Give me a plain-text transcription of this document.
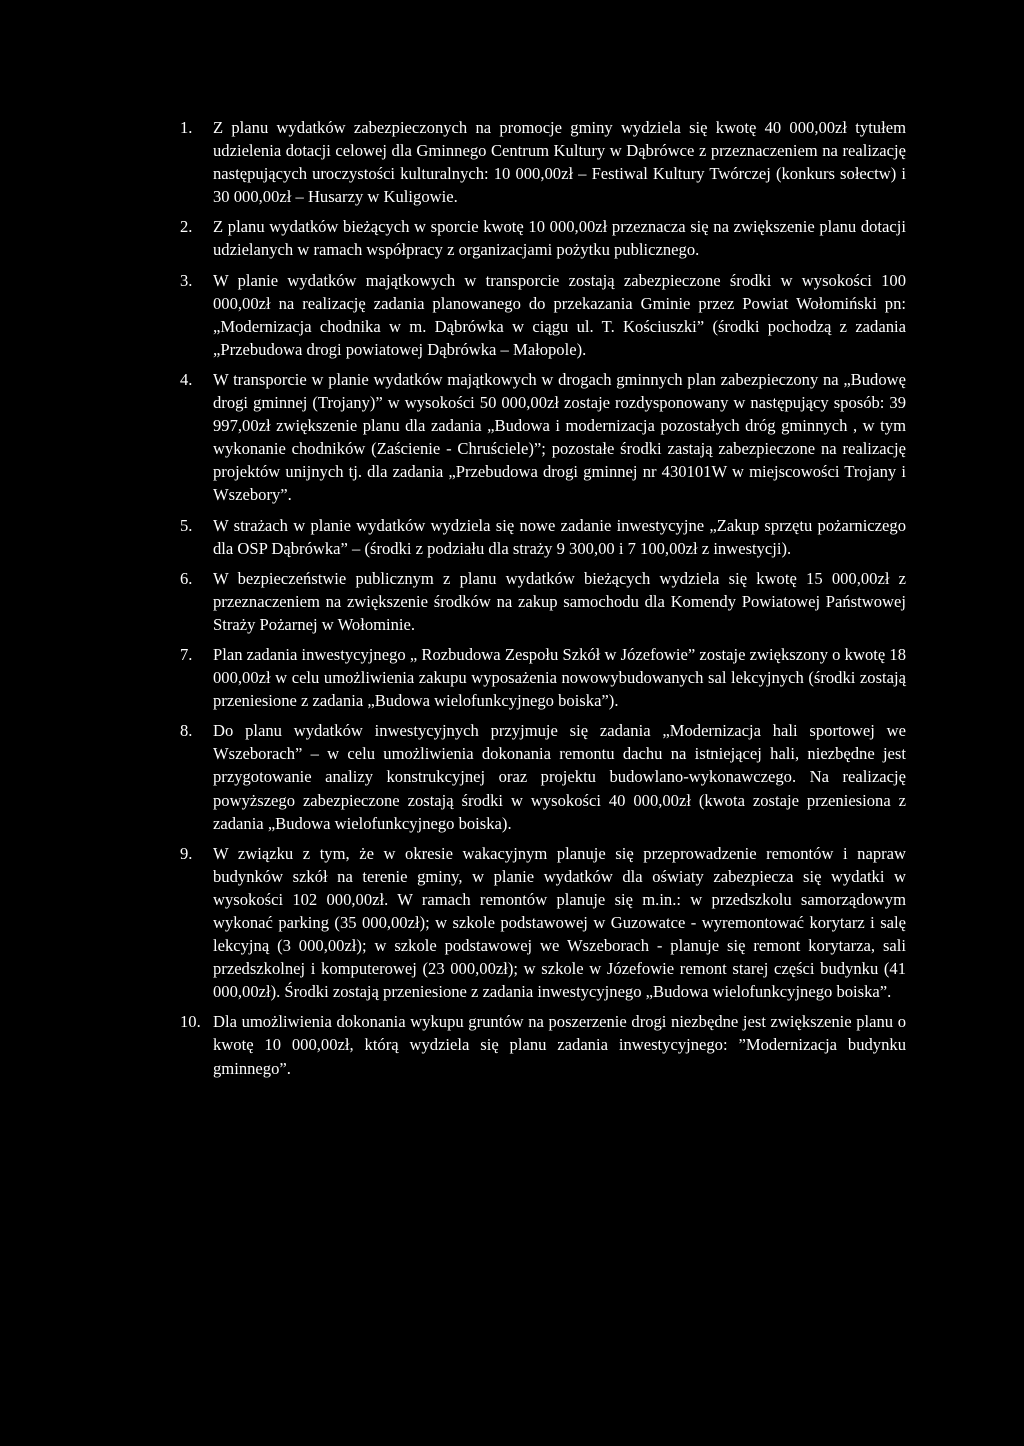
1. Z planu wydatków zabezpieczonych na promocje gminy wydziela się kwotę 40 000,00zł tytułem udzielenia dotacji celowej dla Gminnego Centrum Kultury w Dąbrówce z przeznaczeniem na realizację następujących uroczystości kulturalnych: 10 000,00zł – Festiwal Kultury Twórczej (konkurs sołectw) i 30 000,00zł – Husarzy w Kuligowie.
2. Z planu wydatków bieżących w sporcie kwotę 10 000,00zł przeznacza się na zwiększenie planu dotacji udzielanych w ramach współpracy z organizacjami pożytku publicznego.
3. W planie wydatków majątkowych w transporcie zostają zabezpieczone środki w wysokości 100 000,00zł na realizację zadania planowanego do przekazania Gminie przez Powiat Wołomiński pn: „Modernizacja chodnika w m. Dąbrówka w ciągu ul. T. Kościuszki” (środki pochodzą z zadania „Przebudowa drogi powiatowej Dąbrówka – Małopole).
4. W transporcie w planie wydatków majątkowych w drogach gminnych plan zabezpieczony na „Budowę drogi gminnej (Trojany)” w wysokości 50 000,00zł zostaje rozdysponowany w następujący sposób: 39 997,00zł zwiększenie planu dla zadania „Budowa i modernizacja pozostałych dróg gminnych , w tym wykonanie chodników (Zaścienie - Chruściele)”; pozostałe środki zastają zabezpieczone na realizację projektów unijnych tj. dla zadania „Przebudowa drogi gminnej nr 430101W w miejscowości Trojany i Wszebory”.
5. W strażach w planie wydatków wydziela się nowe zadanie inwestycyjne „Zakup sprzętu pożarniczego dla OSP Dąbrówka” – (środki z podziału dla straży 9 300,00 i 7 100,00zł z inwestycji).
6. W bezpieczeństwie publicznym z planu wydatków bieżących wydziela się kwotę 15 000,00zł z przeznaczeniem na zwiększenie środków na zakup samochodu dla Komendy Powiatowej Państwowej Straży Pożarnej w Wołominie.
7. Plan zadania inwestycyjnego „ Rozbudowa Zespołu Szkół w Józefowie” zostaje zwiększony o kwotę 18 000,00zł w celu umożliwienia zakupu wyposażenia nowowybudowanych sal lekcyjnych (środki zostają przeniesione z zadania „Budowa wielofunkcyjnego boiska”).
8. Do planu wydatków inwestycyjnych przyjmuje się zadania „Modernizacja hali sportowej we Wszeborach” – w celu umożliwienia dokonania remontu dachu na istniejącej hali, niezbędne jest przygotowanie analizy konstrukcyjnej oraz projektu budowlano-wykonawczego. Na realizację powyższego zabezpieczone zostają środki w wysokości 40 000,00zł (kwota zostaje przeniesiona z zadania „Budowa wielofunkcyjnego boiska).
9. W związku z tym, że w okresie wakacyjnym planuje się przeprowadzenie remontów i napraw budynków szkół na terenie gminy, w planie wydatków dla oświaty zabezpiecza się wydatki w wysokości 102 000,00zł. W ramach remontów planuje się m.in.: w przedszkolu samorządowym wykonać parking (35 000,00zł); w szkole podstawowej w Guzowatce - wyremontować korytarz i salę lekcyjną (3 000,00zł); w szkole podstawowej we Wszeborach - planuje się remont korytarza, sali przedszkolnej i komputerowej (23 000,00zł); w szkole w Józefowie remont starej części budynku (41 000,00zł). Środki zostają przeniesione z zadania inwestycyjnego „Budowa wielofunkcyjnego boiska”.
10. Dla umożliwienia dokonania wykupu gruntów na poszerzenie drogi niezbędne jest zwiększenie planu o kwotę 10 000,00zł, którą wydziela się planu zadania inwestycyjnego: ”Modernizacja budynku gminnego”.
